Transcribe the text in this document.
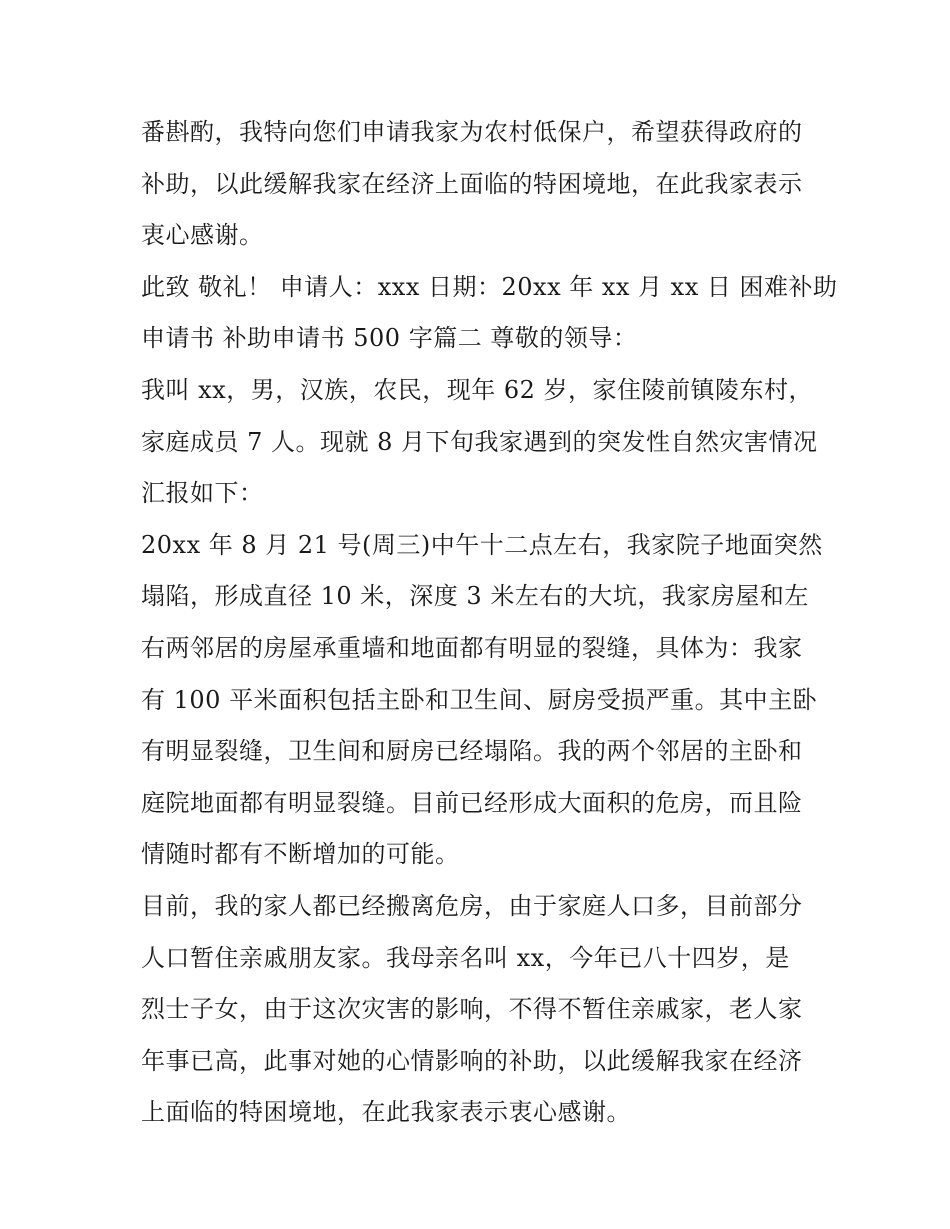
番斟酌，我特向您们申请我家为农村低保户，希望获得政府的
补助，以此缓解我家在经济上面临的特困境地，在此我家表示
衷心感谢。
此致 敬礼！ 申请人：xxx 日期：20xx 年 xx 月 xx 日 困难补助
申请书 补助申请书 500 字篇二 尊敬的领导：
我叫 xx，男，汉族，农民，现年 62 岁，家住陵前镇陵东村，
家庭成员 7 人。现就 8 月下旬我家遇到的突发性自然灾害情况
汇报如下：
20xx 年 8 月 21 号(周三)中午十二点左右，我家院子地面突然
塌陷，形成直径 10 米，深度 3 米左右的大坑，我家房屋和左
右两邻居的房屋承重墙和地面都有明显的裂缝，具体为：我家
有 100 平米面积包括主卧和卫生间、厨房受损严重。其中主卧
有明显裂缝，卫生间和厨房已经塌陷。我的两个邻居的主卧和
庭院地面都有明显裂缝。目前已经形成大面积的危房，而且险
情随时都有不断增加的可能。
目前，我的家人都已经搬离危房，由于家庭人口多，目前部分
人口暂住亲戚朋友家。我母亲名叫 xx，今年已八十四岁，是
烈士子女，由于这次灾害的影响，不得不暂住亲戚家，老人家
年事已高，此事对她的心情影响的补助，以此缓解我家在经济
上面临的特困境地，在此我家表示衷心感谢。
